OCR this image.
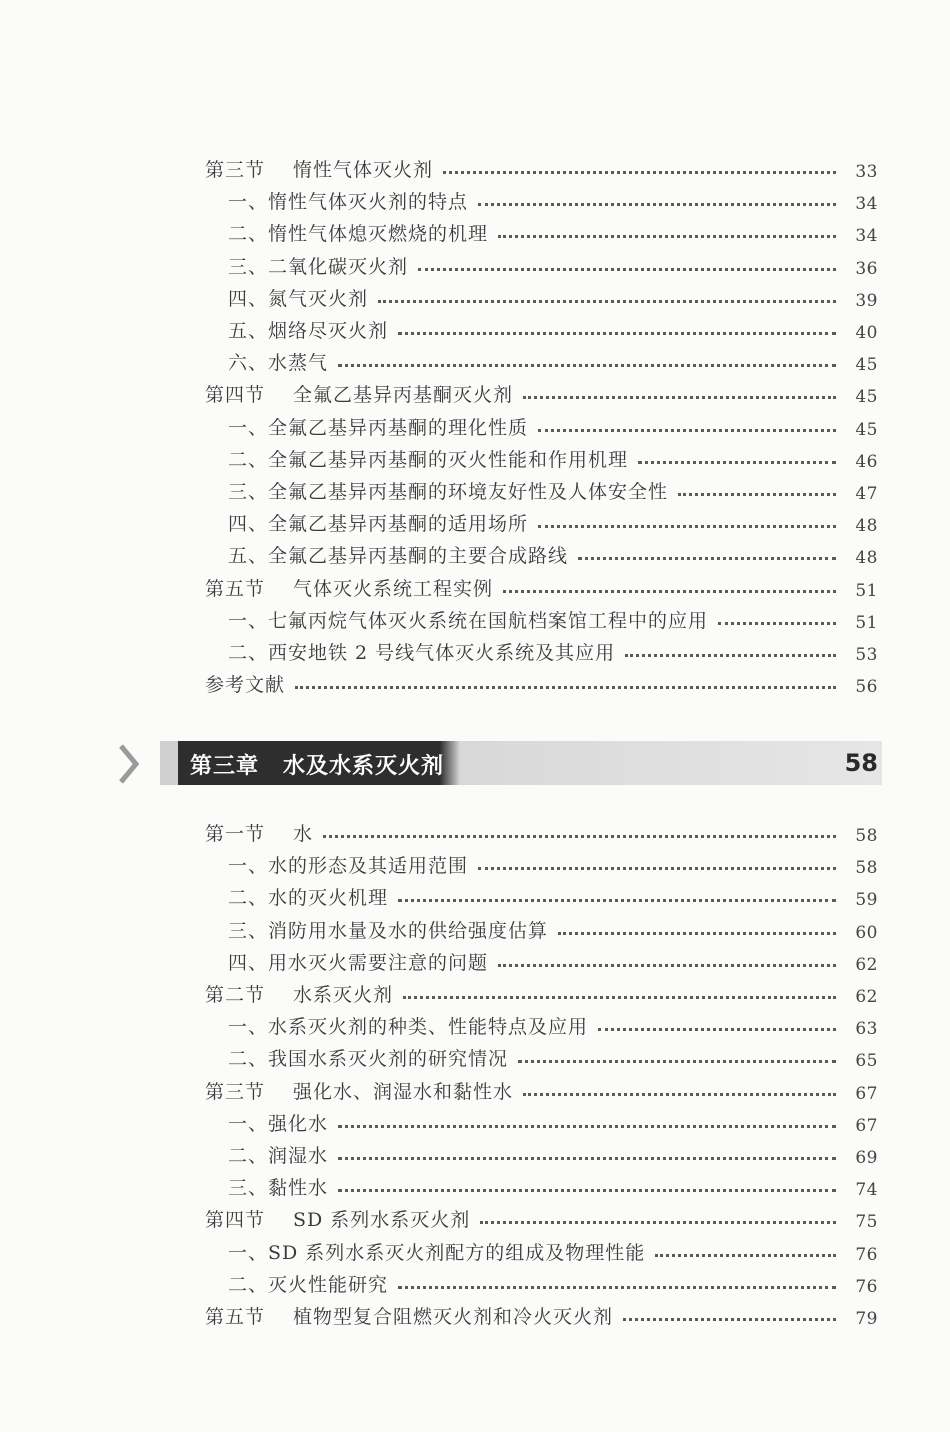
第三节 惰性气体灭火剂	33
一、惰性气体灭火剂的特点	34
二、惰性气体熄灭燃烧的机理	34
三、二氧化碳灭火剂	36
四、氮气灭火剂	39
五、烟络尽灭火剂	40
六、水蒸气	45
第四节 全氟乙基异丙基酮灭火剂	45
一、全氟乙基异丙基酮的理化性质	45
二、全氟乙基异丙基酮的灭火性能和作用机理	46
三、全氟乙基异丙基酮的环境友好性及人体安全性	47
四、全氟乙基异丙基酮的适用场所	48
五、全氟乙基异丙基酮的主要合成路线	48
第五节 气体灭火系统工程实例	51
一、七氟丙烷气体灭火系统在国航档案馆工程中的应用	51
二、西安地铁 2 号线气体灭火系统及其应用	53
参考文献	56
第三章 水及水系灭火剂	58
第一节 水	58
一、水的形态及其适用范围	58
二、水的灭火机理	59
三、消防用水量及水的供给强度估算	60
四、用水灭火需要注意的问题	62
第二节 水系灭火剂	62
一、水系灭火剂的种类、性能特点及应用	63
二、我国水系灭火剂的研究情况	65
第三节 强化水、润湿水和黏性水	67
一、强化水	67
二、润湿水	69
三、黏性水	74
第四节 SD 系列水系灭火剂	75
一、SD 系列水系灭火剂配方的组成及物理性能	76
二、灭火性能研究	76
第五节 植物型复合阻燃灭火剂和冷火灭火剂	79
